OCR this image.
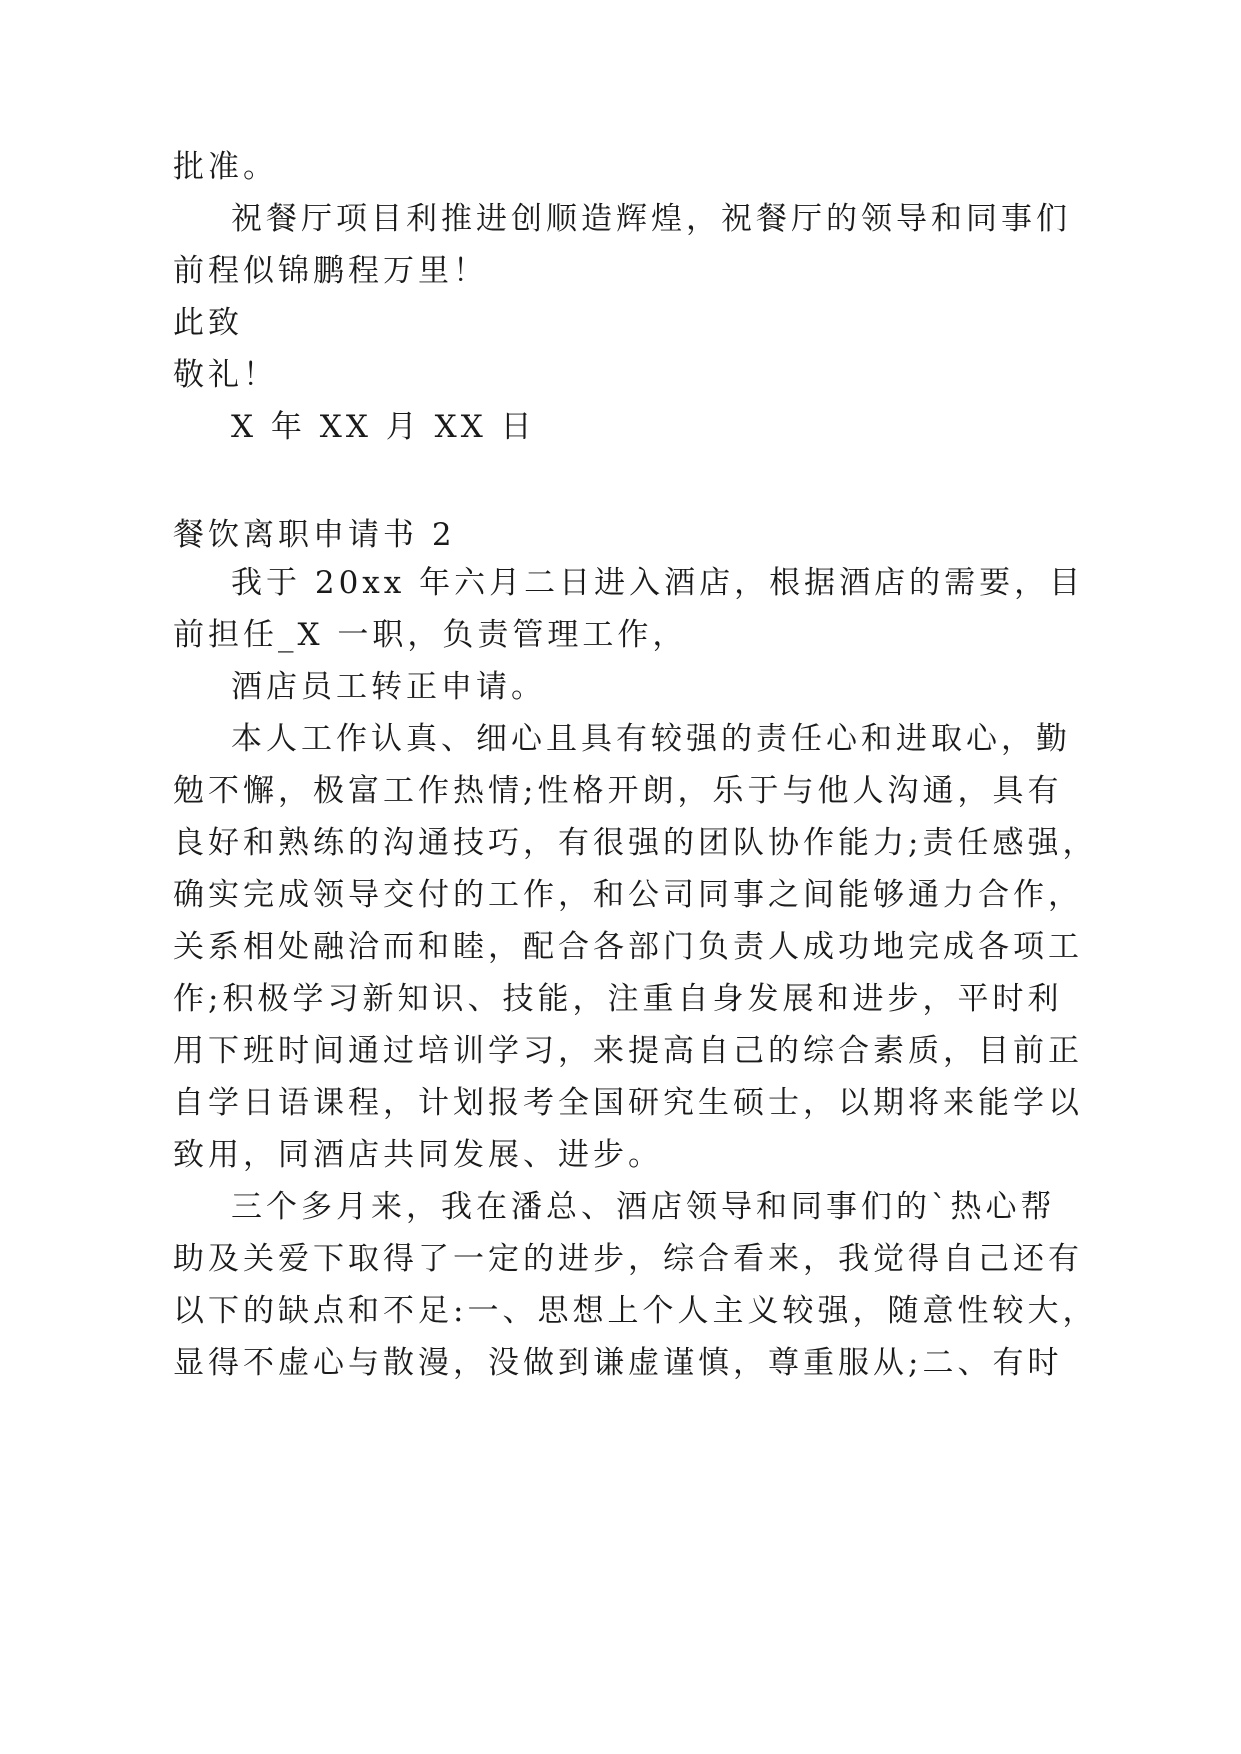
批准。

祝餐厅项目利推进创顺造辉煌，祝餐厅的领导和同事们

前程似锦鹏程万里！

此致

敬礼！

X 年 XX 月 XX 日

餐饮离职申请书 2

我于 20xx 年六月二日进入酒店，根据酒店的需要，目

前担任_X 一职，负责管理工作，

酒店员工转正申请。

本人工作认真、细心且具有较强的责任心和进取心，勤

勉不懈，极富工作热情;性格开朗，乐于与他人沟通，具有

良好和熟练的沟通技巧，有很强的团队协作能力;责任感强，

确实完成领导交付的工作，和公司同事之间能够通力合作，

关系相处融洽而和睦，配合各部门负责人成功地完成各项工

作;积极学习新知识、技能，注重自身发展和进步，平时利

用下班时间通过培训学习，来提高自己的综合素质，目前正

自学日语课程，计划报考全国研究生硕士，以期将来能学以

致用，同酒店共同发展、进步。

三个多月来，我在潘总、酒店领导和同事们的`热心帮

助及关爱下取得了一定的进步，综合看来，我觉得自己还有

以下的缺点和不足:一、思想上个人主义较强，随意性较大，

显得不虚心与散漫，没做到谦虚谨慎，尊重服从;二、有时
